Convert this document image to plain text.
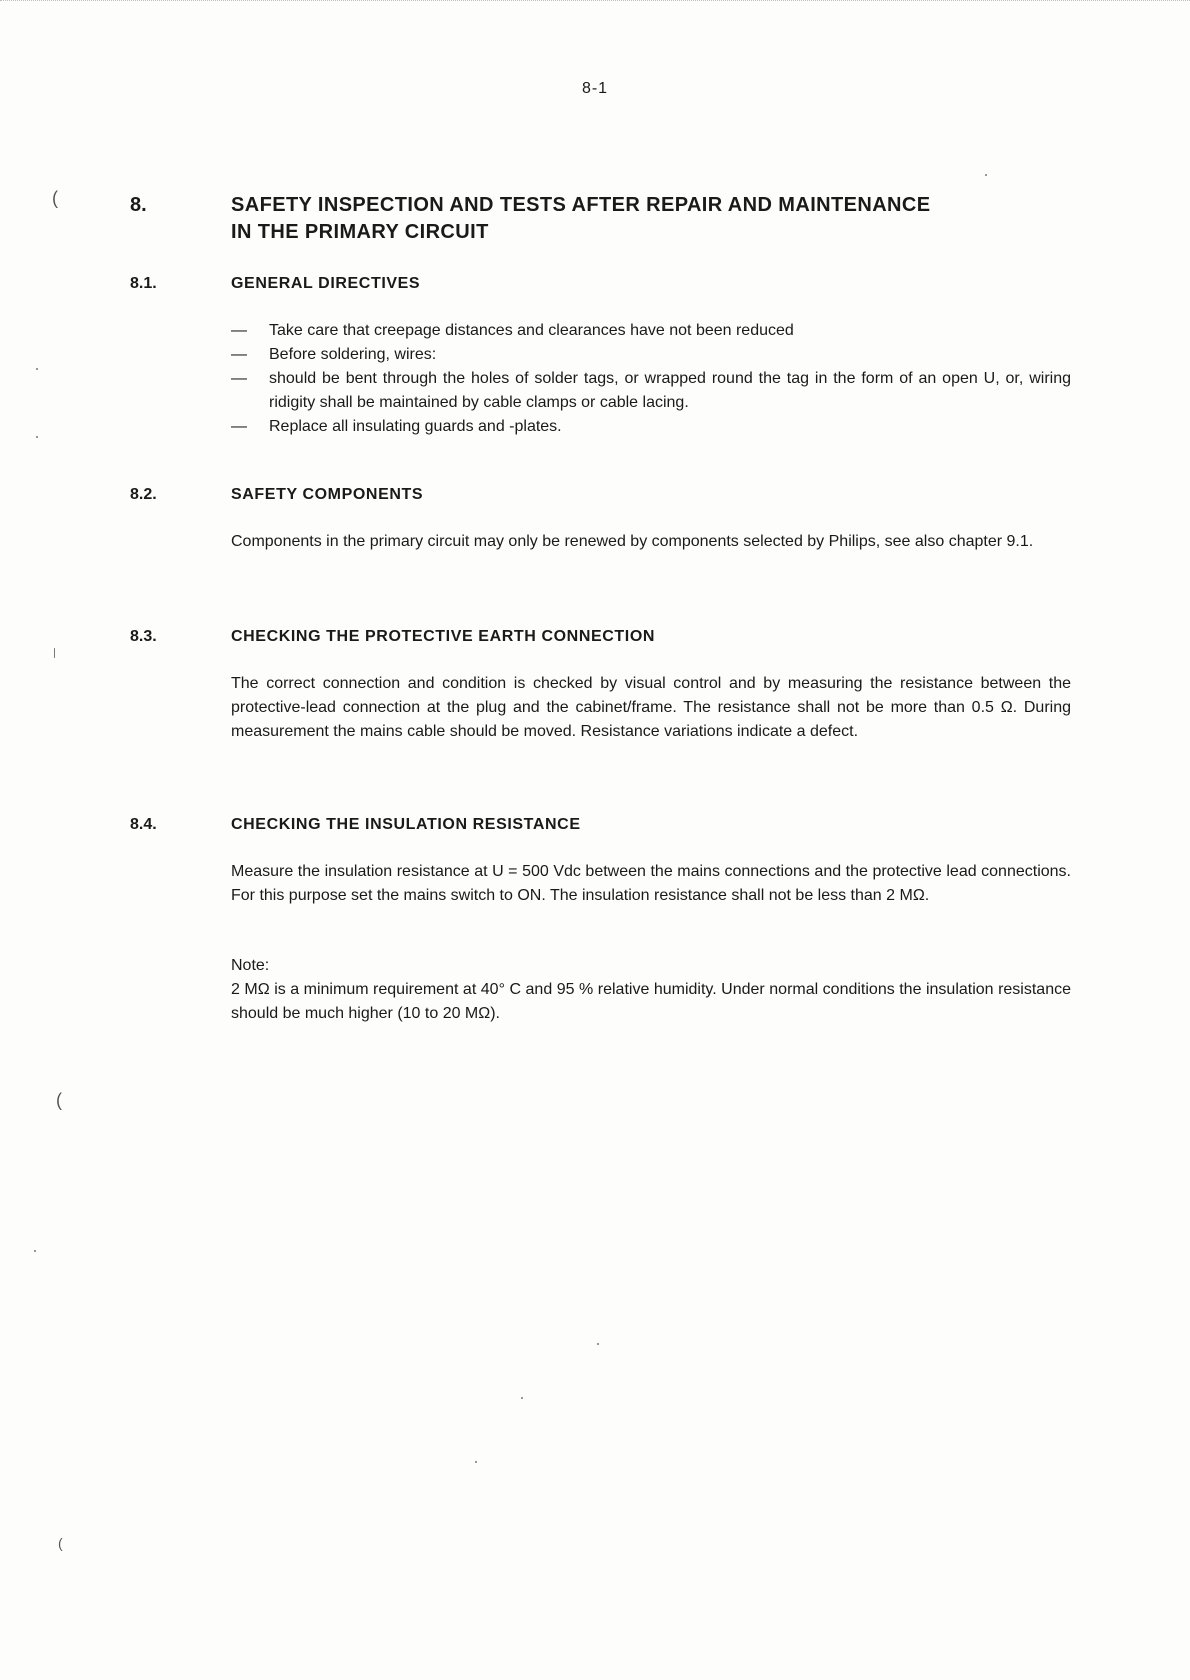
8-1
8.	SAFETY INSPECTION AND TESTS AFTER REPAIR AND MAINTENANCE
IN THE PRIMARY CIRCUIT
8.1.	GENERAL DIRECTIVES
— Take care that creepage distances and clearances have not been reduced
— Before soldering, wires:
— should be bent through the holes of solder tags, or wrapped round the tag in the form of an open U, or, wiring ridigity shall be maintained by cable clamps or cable lacing.
— Replace all insulating guards and -plates.
8.2.	SAFETY COMPONENTS
Components in the primary circuit may only be renewed by components selected by Philips, see also chapter 9.1.
8.3.	CHECKING THE PROTECTIVE EARTH CONNECTION
The correct connection and condition is checked by visual control and by measuring the resistance between the protective-lead connection at the plug and the cabinet/frame. The resistance shall not be more than 0.5 Ω. During measurement the mains cable should be moved. Resistance variations indicate a defect.
8.4.	CHECKING THE INSULATION RESISTANCE
Measure the insulation resistance at U = 500 Vdc between the mains connections and the protective lead connections. For this purpose set the mains switch to ON. The insulation resistance shall not be less than 2 MΩ.
Note:
2 MΩ is a minimum requirement at 40° C and 95 % relative humidity. Under normal conditions the insulation resistance should be much higher (10 to 20 MΩ).
(
(
(
